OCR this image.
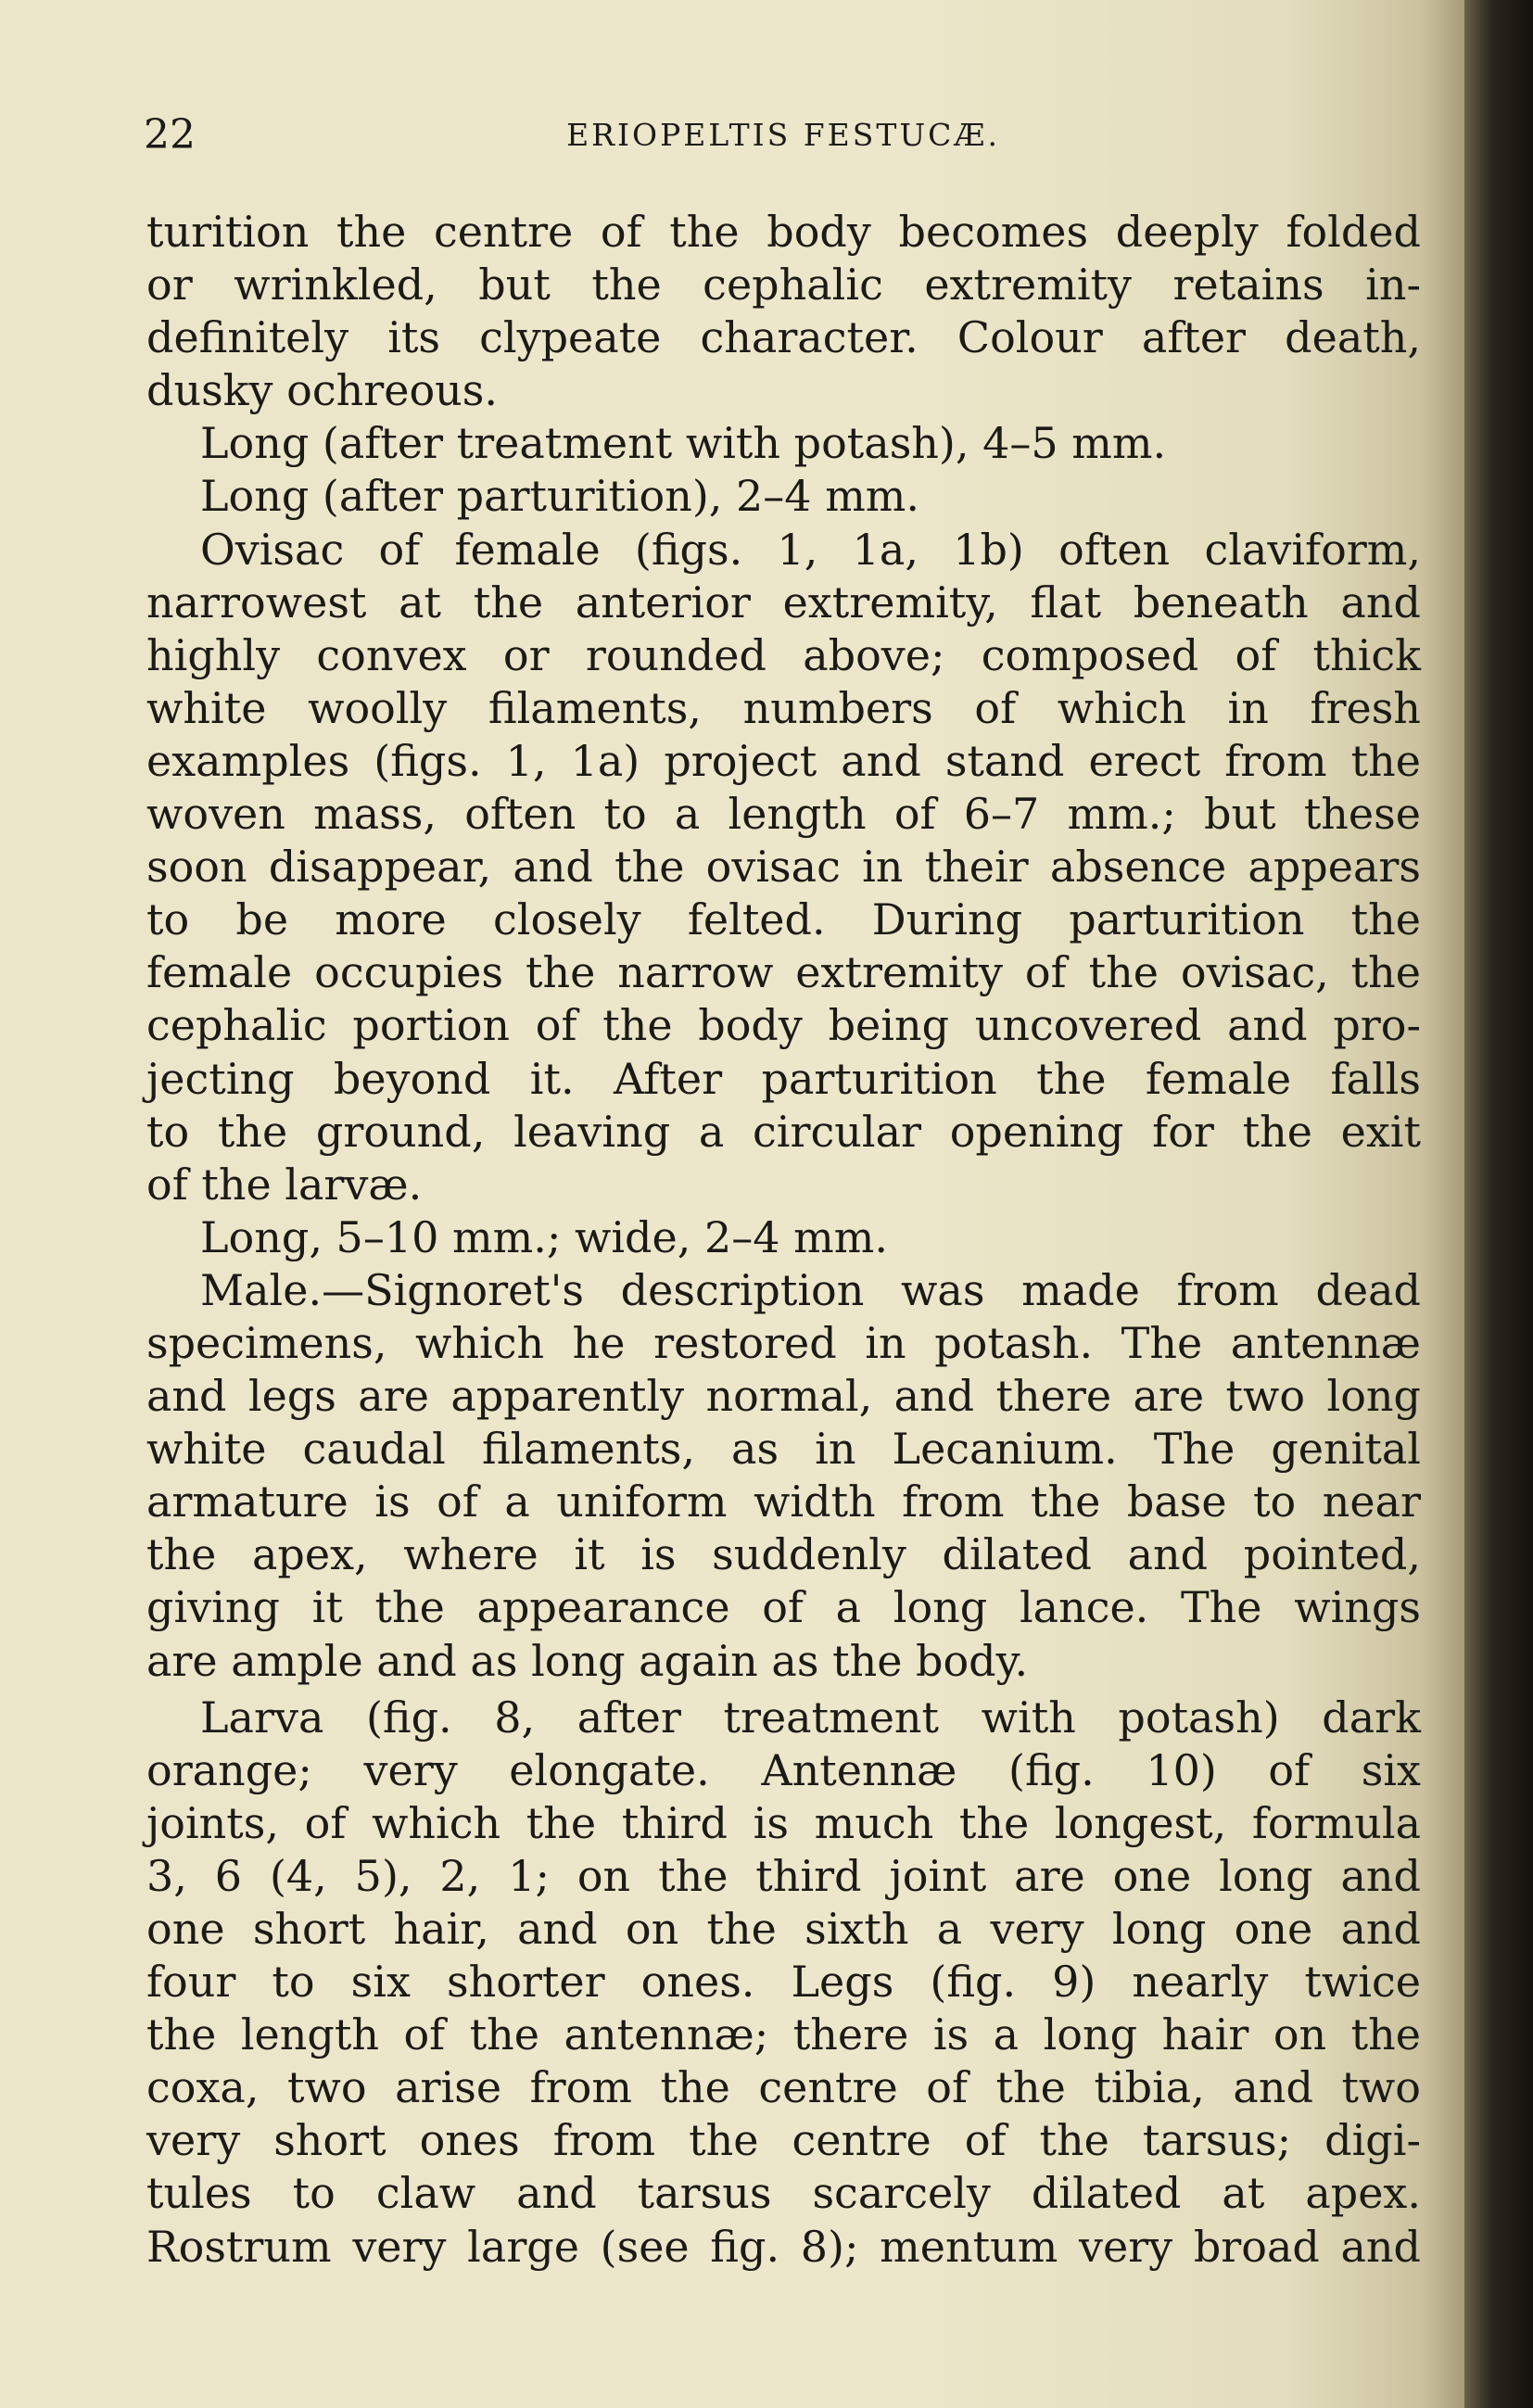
22	ERIOPELTIS FESTUCÆ.
turition the centre of the body becomes deeply folded
or wrinkled, but the cephalic extremity retains in-
definitely its clypeate character. Colour after death,
dusky ochreous.
Long (after treatment with potash), 4–5 mm.
Long (after parturition), 2–4 mm.
Ovisac of female (figs. 1, 1a, 1b) often claviform,
narrowest at the anterior extremity, flat beneath and
highly convex or rounded above; composed of thick
white woolly filaments, numbers of which in fresh
examples (figs. 1, 1a) project and stand erect from the
woven mass, often to a length of 6–7 mm.; but these
soon disappear, and the ovisac in their absence appears
to be more closely felted. During parturition the
female occupies the narrow extremity of the ovisac, the
cephalic portion of the body being uncovered and pro-
jecting beyond it. After parturition the female falls
to the ground, leaving a circular opening for the exit
of the larvæ.
Long, 5–10 mm.; wide, 2–4 mm.
Male.—Signoret's description was made from dead
specimens, which he restored in potash. The antennæ
and legs are apparently normal, and there are two long
white caudal filaments, as in Lecanium. The genital
armature is of a uniform width from the base to near
the apex, where it is suddenly dilated and pointed,
giving it the appearance of a long lance. The wings
are ample and as long again as the body.
Larva (fig. 8, after treatment with potash) dark
orange; very elongate. Antennæ (fig. 10) of six
joints, of which the third is much the longest, formula
3, 6 (4, 5), 2, 1; on the third joint are one long and
one short hair, and on the sixth a very long one and
four to six shorter ones. Legs (fig. 9) nearly twice
the length of the antennæ; there is a long hair on the
coxa, two arise from the centre of the tibia, and two
very short ones from the centre of the tarsus; digi-
tules to claw and tarsus scarcely dilated at apex.
Rostrum very large (see fig. 8); mentum very broad and
